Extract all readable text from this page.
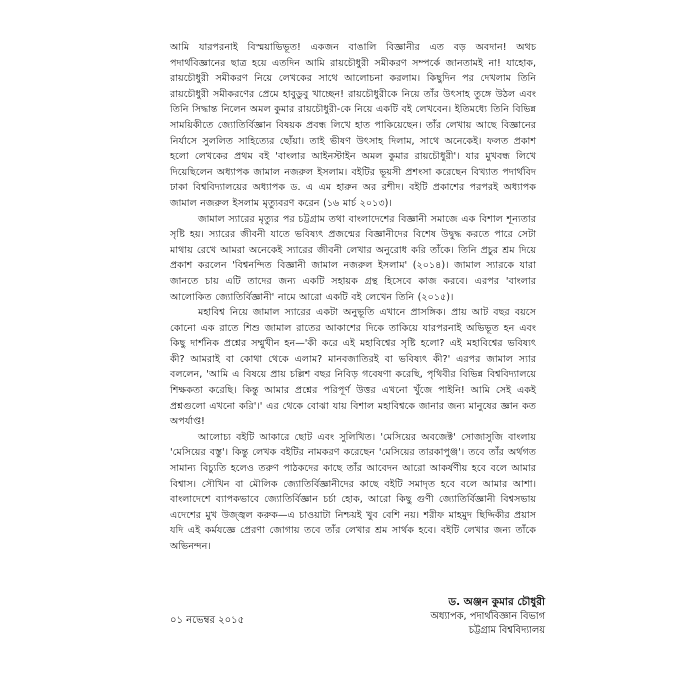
আমি যারপরনাই বিস্ময়াভিভূত! একজন বাঙালি বিজ্ঞানীর এত বড় অবদান! অথচ পদার্থবিজ্ঞানের ছাত্র হয়ে এতদিন আমি রায়চৌধুরী সমীকরণ সম্পর্কে জানতামই না! যাহোক, রায়চৌধুরী সমীকরণ নিয়ে লেখকের সাথে আলোচনা করলাম। কিছুদিন পর দেখলাম তিনি রায়চৌধুরী সমীকরণের প্রেমে হাবুডুবু খাচ্ছেন! রায়চৌধুরীকে নিয়ে তাঁর উৎসাহ তুঙ্গে উঠল এবং তিনি সিদ্ধান্ত নিলেন অমল কুমার রায়চৌধুরী-কে নিয়ে একটি বই লেখবেন। ইতিমধ্যে তিনি বিভিন্ন সাময়িকীতে জ্যোতির্বিজ্ঞান বিষয়ক প্রবন্ধ লিখে হাত পাকিয়েছেন। তাঁর লেখায় আছে বিজ্ঞানের নির্যাসে সুললিত সাহিত্যের ছোঁয়া। তাই ভীষণ উৎসাহ দিলাম, সাথে অনেকেই। ফলত প্রকাশ হলো লেখকের প্রথম বই 'বাংলার আইনস্টাইন অমল কুমার রায়চৌধুরী'। যার মুখবন্ধ লিখে দিয়েছিলেন অধ্যাপক জামাল নজরুল ইসলাম। বইটির ভূয়সী প্রশংসা করেছেন বিখ্যাত পদার্থবিদ ঢাকা বিশ্ববিদ্যালয়ের অধ্যাপক ড. এ এম হারুন অর রশীদ। বইটি প্রকাশের পরপরই অধ্যাপক জামাল নজরুল ইসলাম মৃত্যুবরণ করেন (১৬ মার্চ ২০১৩)।

জামাল স্যারের মৃত্যুর পর চট্টগ্রাম তথা বাংলাদেশের বিজ্ঞানী সমাজে এক বিশাল শূন্যতার সৃষ্টি হয়। স্যারের জীবনী যাতে ভবিষ্যৎ প্রজন্মের বিজ্ঞানীদের বিশেষ উদ্বুদ্ধ করতে পারে সেটা মাথায় রেখে আমরা অনেকেই স্যারের জীবনী লেখার অনুরোধ করি তাঁকে। তিনি প্রচুর শ্রম দিয়ে প্রকাশ করলেন 'বিশ্বনন্দিত বিজ্ঞানী জামাল নজরুল ইসলাম' (২০১৪)। জামাল স্যারকে যারা জানতে চায় এটি তাদের জন্য একটি সহায়ক গ্রন্থ হিসেবে কাজ করবে। এরপর 'বাংলার আলোকিত জ্যোতির্বিজ্ঞানী' নামে আরো একটি বই লেখেন তিনি (২০১৫)।

মহাবিশ্ব নিয়ে জামাল স্যারের একটা অনুভূতি এখানে প্রাসঙ্গিক। প্রায় আট বছর বয়সে কোনো এক রাতে শিশু জামাল রাতের আকাশের দিকে তাকিয়ে যারপরনাই অভিভূত হন এবং কিছু দার্শনিক প্রশ্নের সম্মুখীন হন—'কী করে এই মহাবিশ্বের সৃষ্টি হলো? এই মহাবিশ্বের ভবিষ্যৎ কী? আমরাই বা কোথা থেকে এলাম? মানবজাতিরই বা ভবিষ্যৎ কী?' এরপর জামাল স্যার বললেন, 'আমি এ বিষয়ে প্রায় চল্লিশ বছর নিবিড় গবেষণা করেছি, পৃথিবীর বিভিন্ন বিশ্ববিদ্যালয়ে শিক্ষকতা করেছি। কিন্তু আমার প্রশ্নের পরিপূর্ণ উত্তর এখনো খুঁজে পাইনি! আমি সেই একই প্রশ্নগুলো এখনো করি'।' এর থেকে বোঝা যায় বিশাল মহাবিশ্বকে জানার জন্য মানুষের জ্ঞান কত অপর্যাপ্ত!

আলোচ্য বইটি আকারে ছোট এবং সুলিখিত। 'মেসিয়ের অবজেক্ট' সোজাসুজি বাংলায় 'মেসিয়ের বস্তু'। কিন্তু লেখক বইটির নামকরণ করেছেন 'মেসিয়ের তারকাপুঞ্জ'। তবে তাঁর অর্থগত সামান্য বিচ্যুতি হলেও তরুণ পাঠকদের কাছে তাঁর আবেদন আরো আকর্ষণীয় হবে বলে আমার বিশ্বাস। সৌখিন বা মৌলিক জ্যোতির্বিজ্ঞানীদের কাছে বইটি সমাদৃত হবে বলে আমার আশা। বাংলাদেশে ব্যাপকভাবে জ্যোতির্বিজ্ঞান চর্চা হোক, আরো কিছু গুণী জ্যোতির্বিজ্ঞানী বিশ্বসভায় এদেশের মুখ উজ্জ্বল করুক—এ চাওয়াটা নিশ্চয়ই খুব বেশি নয়। শরীফ মাহমুদ ছিদ্দিকীর প্রয়াস যদি এই কর্মযজ্ঞে প্রেরণা জোগায় তবে তাঁর লেখার শ্রম সার্থক হবে। বইটি লেখার জন্য তাঁকে অভিনন্দন।

০১ নভেম্বর ২০১৫
ড. অঞ্জন কুমার চৌধুরী
অধ্যাপক, পদার্থবিজ্ঞান বিভাগ
চট্টগ্রাম বিশ্ববিদ্যালয়
